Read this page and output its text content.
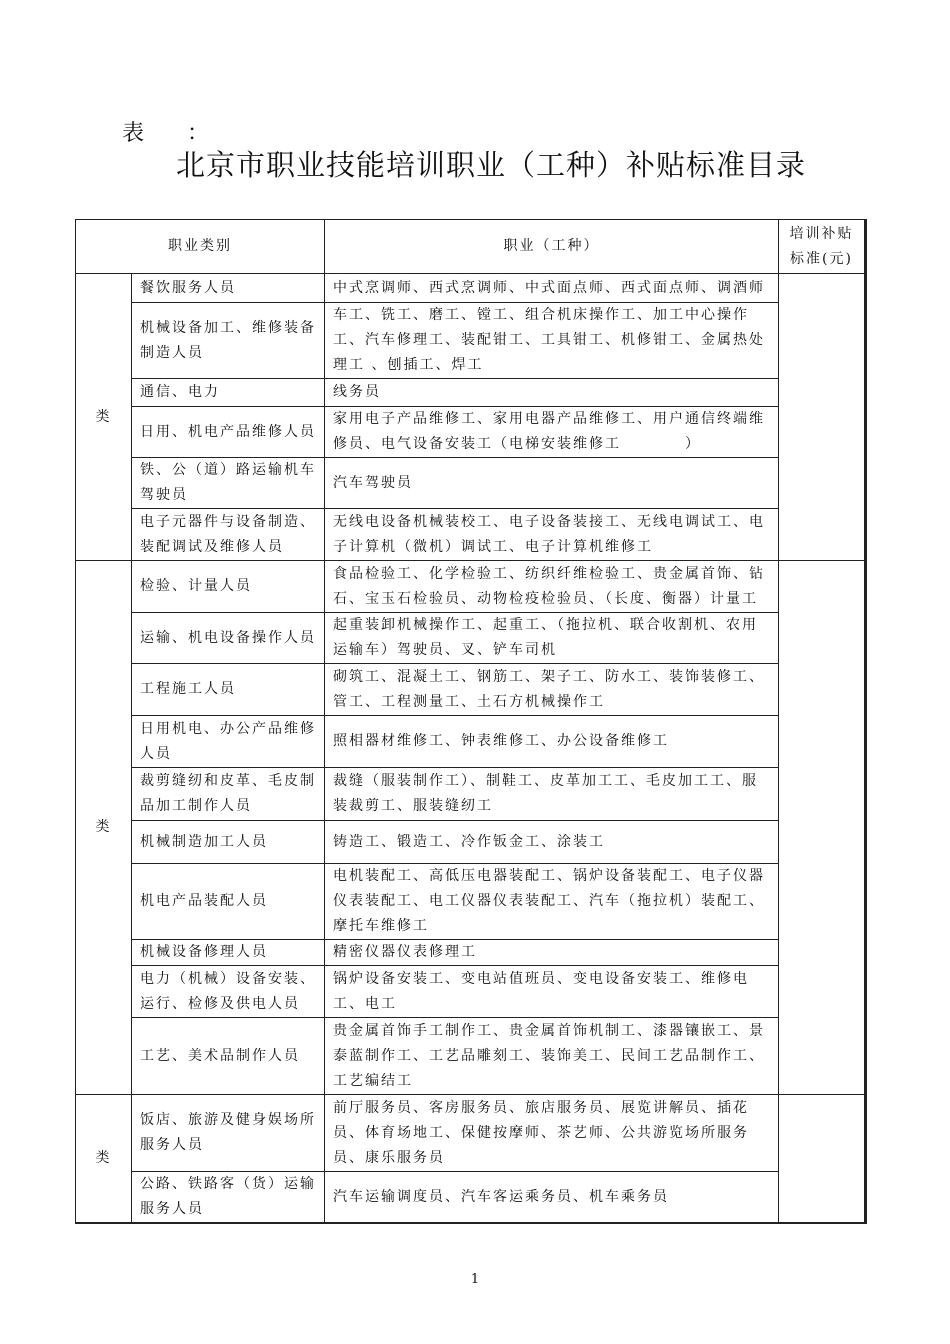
表 ：
北京市职业技能培训职业（工种）补贴标准目录
职业类别		职业（工种）	培训补贴标准(元)
类	餐饮服务人员	中式烹调师、西式烹调师、中式面点师、西式面点师、调酒师	
	机械设备加工、维修装备制造人员	车工、铣工、磨工、镗工、组合机床操作工、加工中心操作工、汽车修理工、装配钳工、工具钳工、机修钳工、金属热处理工 、刨插工、焊工	
	通信、电力	线务员	
	日用、机电产品维修人员	家用电子产品维修工、家用电器产品维修工、用户通信终端维修员、电气设备安装工（电梯安装维修工　　　　）	
	铁、公（道）路运输机车驾驶员	汽车驾驶员	
	电子元器件与设备制造、装配调试及维修人员	无线电设备机械装校工、电子设备装接工、无线电调试工、电子计算机（微机）调试工、电子计算机维修工	
类	检验、计量人员	食品检验工、化学检验工、纺织纤维检验工、贵金属首饰、钻石、宝玉石检验员、动物检疫检验员、（长度、衡器）计量工	
	运输、机电设备操作人员	起重装卸机械操作工、起重工、（拖拉机、联合收割机、农用运输车）驾驶员、叉、铲车司机	
	工程施工人员	砌筑工、混凝土工、钢筋工、架子工、防水工、装饰装修工、管工、工程测量工、土石方机械操作工	
	日用机电、办公产品维修人员	照相器材维修工、钟表维修工、办公设备维修工	
	裁剪缝纫和皮革、毛皮制品加工制作人员	裁缝（服装制作工）、制鞋工、皮革加工工、毛皮加工工、服装裁剪工、服装缝纫工	
	机械制造加工人员	铸造工、锻造工、冷作钣金工、涂装工	
	机电产品装配人员	电机装配工、高低压电器装配工、锅炉设备装配工、电子仪器仪表装配工、电工仪器仪表装配工、汽车（拖拉机）装配工、摩托车维修工	
	机械设备修理人员	精密仪器仪表修理工	
	电力（机械）设备安装、运行、检修及供电人员	锅炉设备安装工、变电站值班员、变电设备安装工、维修电工、电工	
	工艺、美术品制作人员	贵金属首饰手工制作工、贵金属首饰机制工、漆器镶嵌工、景泰蓝制作工、工艺品雕刻工、装饰美工、民间工艺品制作工、工艺编结工	
类	饭店、旅游及健身娱场所服务人员	前厅服务员、客房服务员、旅店服务员、展览讲解员、插花员、体育场地工、保健按摩师、茶艺师、公共游览场所服务员、康乐服务员	
	公路、铁路客（货）运输服务人员	汽车运输调度员、汽车客运乘务员、机车乘务员	
1
